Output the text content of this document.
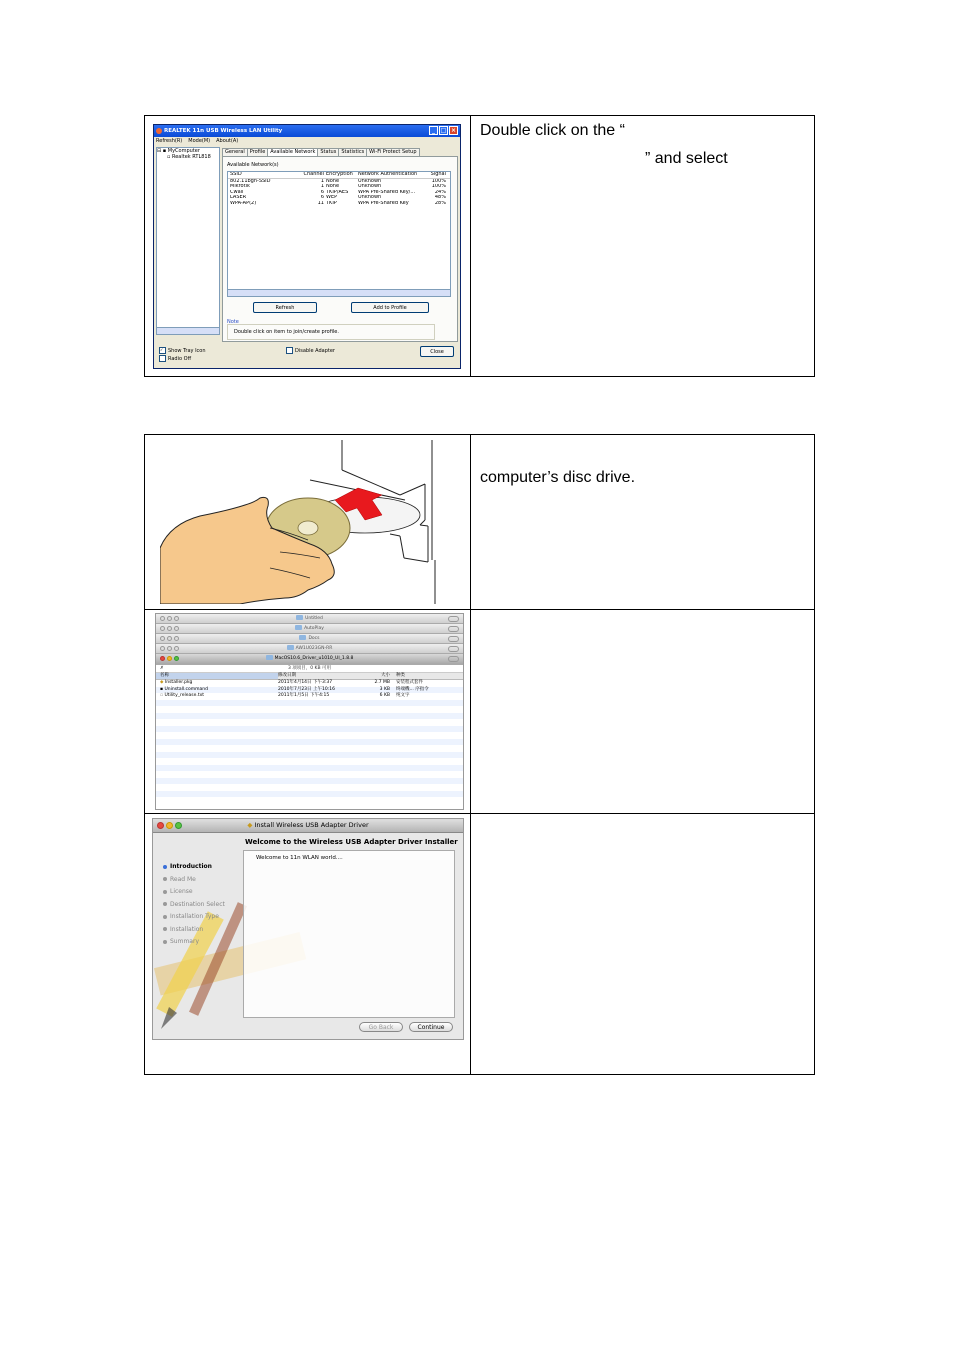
Double click on the “
” and select
REALTEK 11n USB Wireless LAN Utility	_ □ ×
Refresh(R) Mode(M) About(A)
⊟ ▪ MyComputer
▫ Realtek RTL818
General	Profile	Available Network	Status	Statistics	Wi-Fi Protect Setup
Available Network(s)
SSID	Channel Encryption	Network Authentication	Signal
802.11bgn-SSID	1 None	Unknown	100%
Mikrotik	1 None	Unknown	100%
Cwall	6 TKIP/AES	WPA Pre-Shared Key/...	24%
LASER	6 WEP	Unknown	48%
WPA-AP(2)	11 TKIP	WPA Pre-Shared Key	28%
Refresh	Add to Profile
Note
Double click on item to join/create profile.
✓ Show Tray Icon
Radio Off
Disable Adapter	Close
computer’s disc drive.
Untitled
AutoPlay
Docs
AW1U023GN-RR
MacOS10.6_Driver_u1010_UI_1.8.8
✗	3 项项目，0 KB 可用
名称	修改日期	大小	种类
◆ Installer.pkg	2011年4月14日 下午3:37	2.7 MB	安装程式套件
▪ Uninstall.command	2010年7月23日 上午10:16	3 KB	终端機... 序指令
▫ Utility_release.txt	2011年1月5日 下午4:15	6 KB	纯文字
◆ Install Wireless USB Adapter Driver
Welcome to the Wireless USB Adapter Driver Installer
Introduction
Read Me
License
Destination Select
Installation Type
Installation
Summary

Welcome to 11n WLAN world....

Go Back	Continue
